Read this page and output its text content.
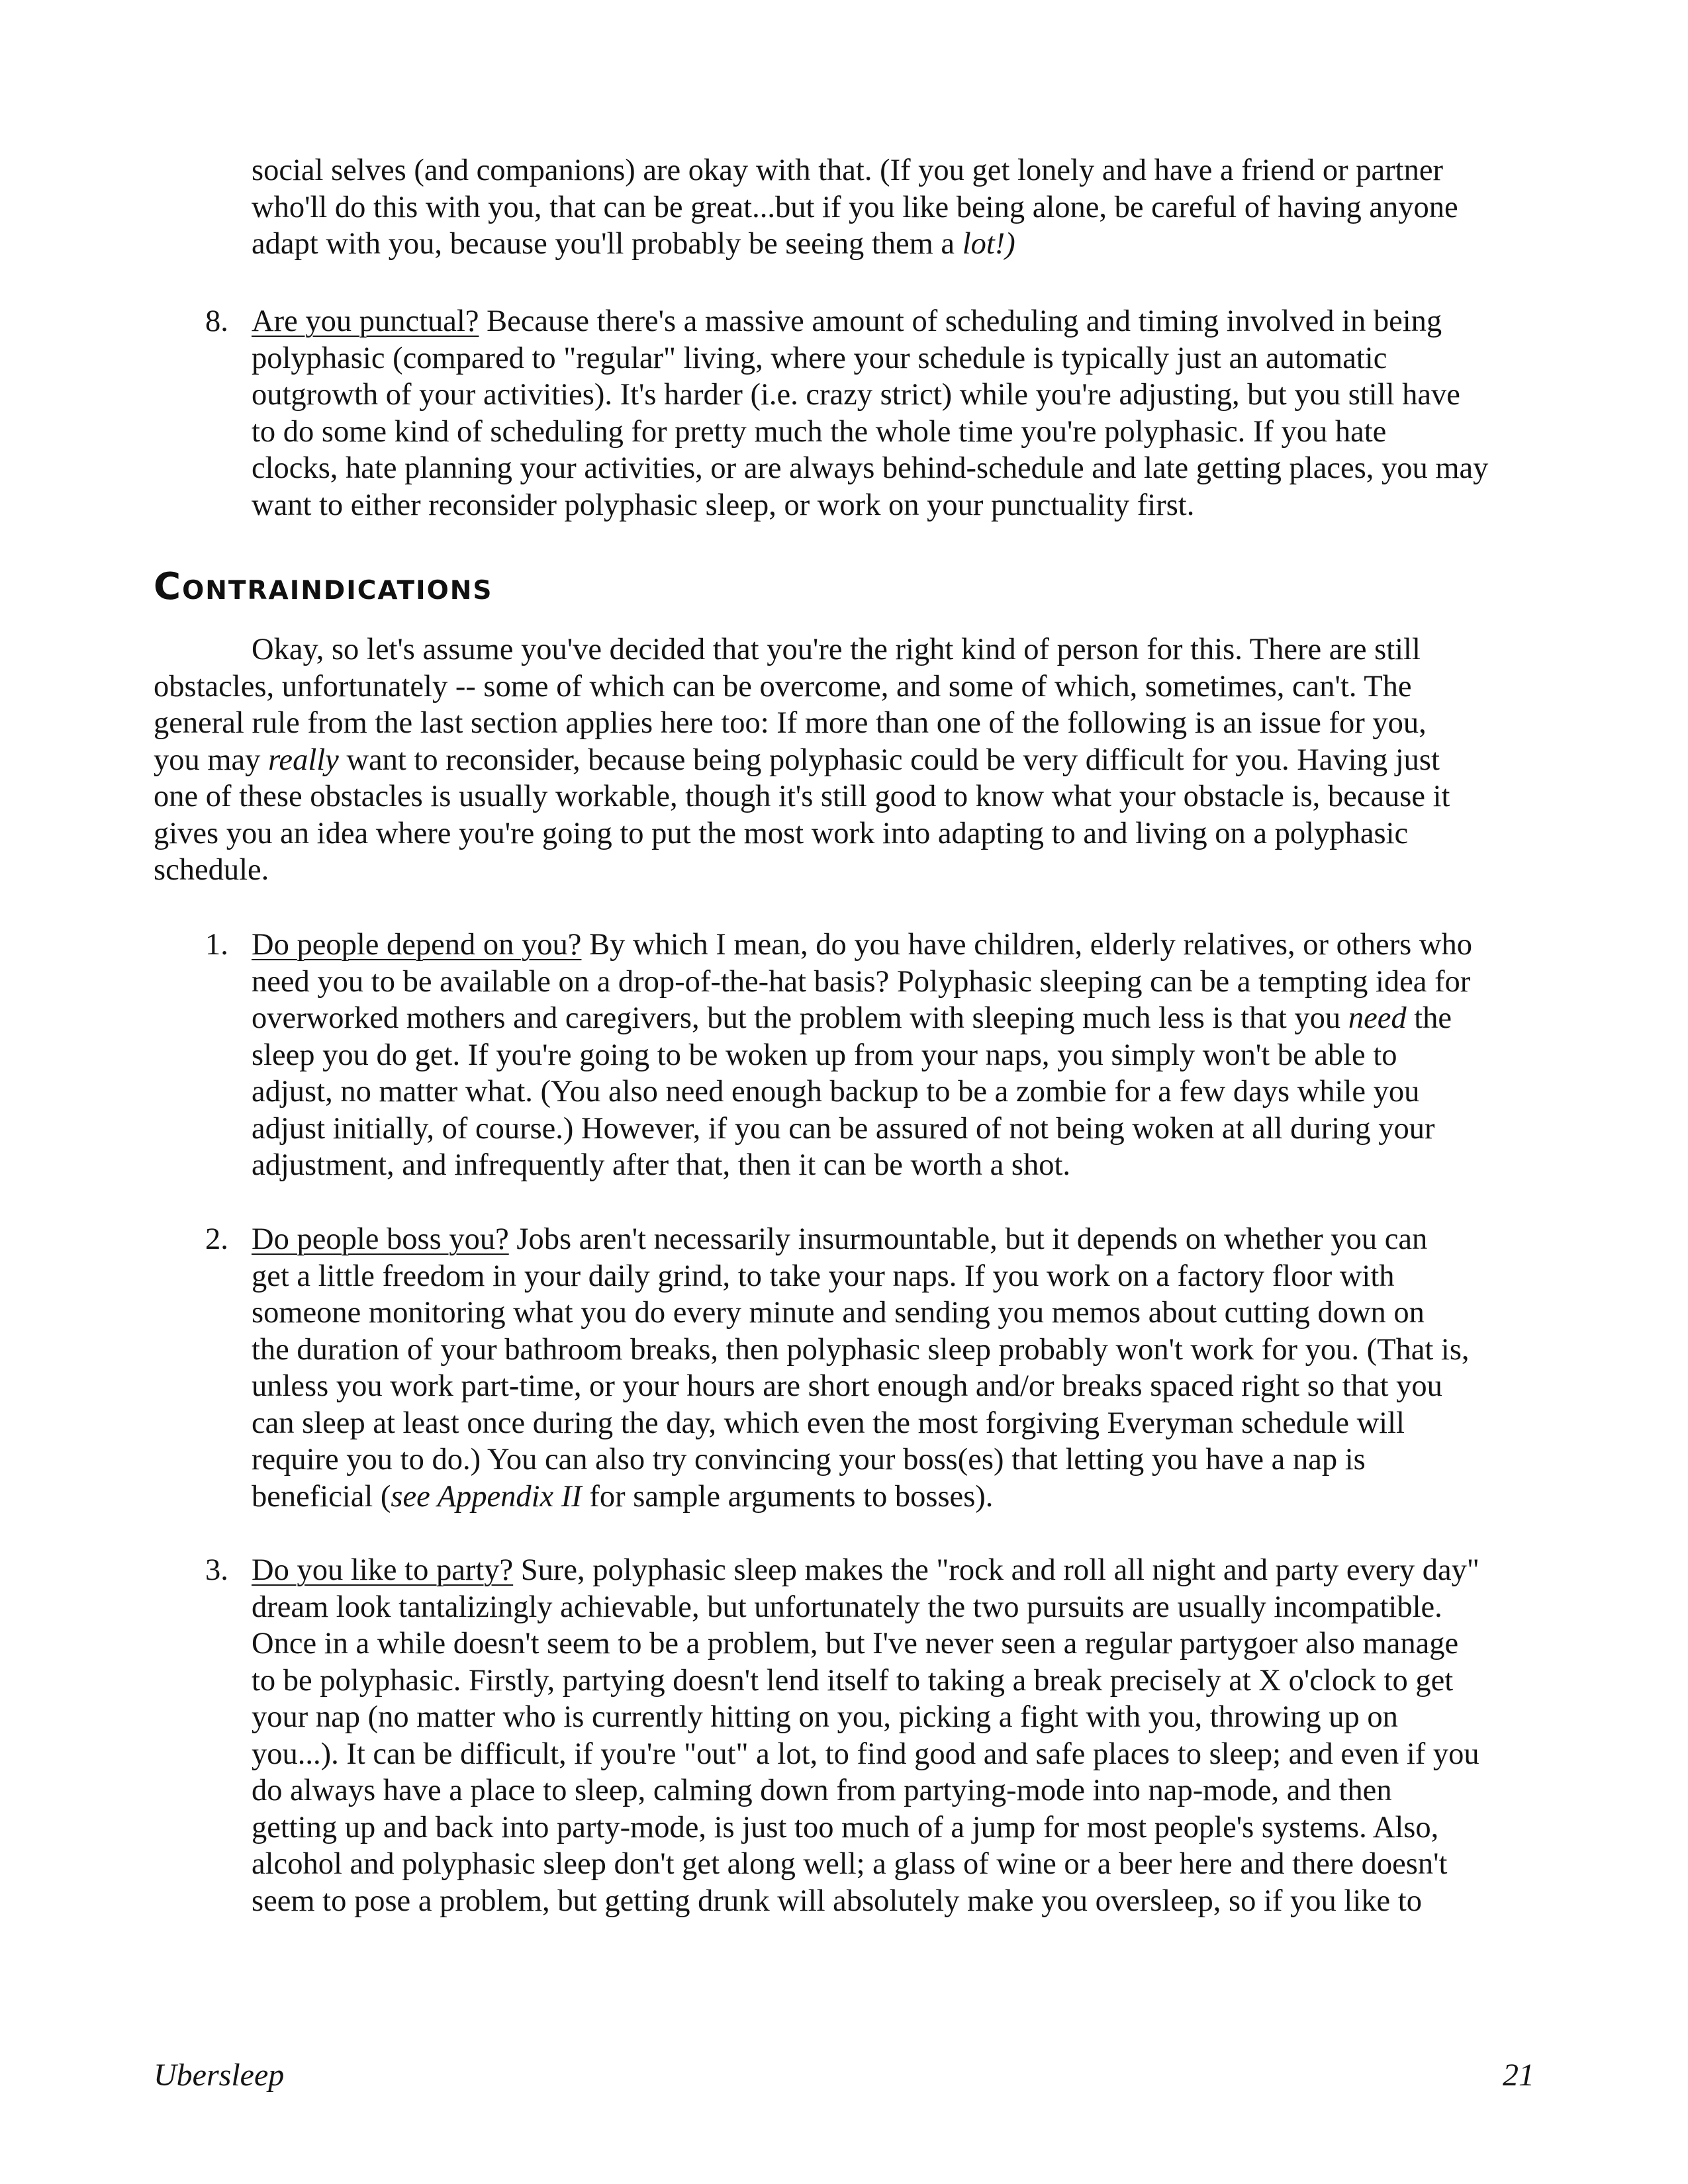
social selves (and companions) are okay with that. (If you get lonely and have a friend or partner
who'll do this with you, that can be great...but if you like being alone, be careful of having anyone
adapt with you, because you'll probably be seeing them a lot!)
8. Are you punctual? Because there's a massive amount of scheduling and timing involved in being
polyphasic (compared to "regular" living, where your schedule is typically just an automatic
outgrowth of your activities). It's harder (i.e. crazy strict) while you're adjusting, but you still have
to do some kind of scheduling for pretty much the whole time you're polyphasic. If you hate
clocks, hate planning your activities, or are always behind-schedule and late getting places, you may
want to either reconsider polyphasic sleep, or work on your punctuality first.
Contraindications
Okay, so let's assume you've decided that you're the right kind of person for this. There are still
obstacles, unfortunately -- some of which can be overcome, and some of which, sometimes, can't. The
general rule from the last section applies here too: If more than one of the following is an issue for you,
you may really want to reconsider, because being polyphasic could be very difficult for you. Having just
one of these obstacles is usually workable, though it's still good to know what your obstacle is, because it
gives you an idea where you're going to put the most work into adapting to and living on a polyphasic
schedule.
1. Do people depend on you? By which I mean, do you have children, elderly relatives, or others who
need you to be available on a drop-of-the-hat basis? Polyphasic sleeping can be a tempting idea for
overworked mothers and caregivers, but the problem with sleeping much less is that you need the
sleep you do get. If you're going to be woken up from your naps, you simply won't be able to
adjust, no matter what. (You also need enough backup to be a zombie for a few days while you
adjust initially, of course.) However, if you can be assured of not being woken at all during your
adjustment, and infrequently after that, then it can be worth a shot.
2. Do people boss you? Jobs aren't necessarily insurmountable, but it depends on whether you can
get a little freedom in your daily grind, to take your naps. If you work on a factory floor with
someone monitoring what you do every minute and sending you memos about cutting down on
the duration of your bathroom breaks, then polyphasic sleep probably won't work for you. (That is,
unless you work part-time, or your hours are short enough and/or breaks spaced right so that you
can sleep at least once during the day, which even the most forgiving Everyman schedule will
require you to do.) You can also try convincing your boss(es) that letting you have a nap is
beneficial (see Appendix II for sample arguments to bosses).
3. Do you like to party? Sure, polyphasic sleep makes the "rock and roll all night and party every day"
dream look tantalizingly achievable, but unfortunately the two pursuits are usually incompatible.
Once in a while doesn't seem to be a problem, but I've never seen a regular partygoer also manage
to be polyphasic. Firstly, partying doesn't lend itself to taking a break precisely at X o'clock to get
your nap (no matter who is currently hitting on you, picking a fight with you, throwing up on
you...). It can be difficult, if you're "out" a lot, to find good and safe places to sleep; and even if you
do always have a place to sleep, calming down from partying-mode into nap-mode, and then
getting up and back into party-mode, is just too much of a jump for most people's systems. Also,
alcohol and polyphasic sleep don't get along well; a glass of wine or a beer here and there doesn't
seem to pose a problem, but getting drunk will absolutely make you oversleep, so if you like to
Ubersleep	21
